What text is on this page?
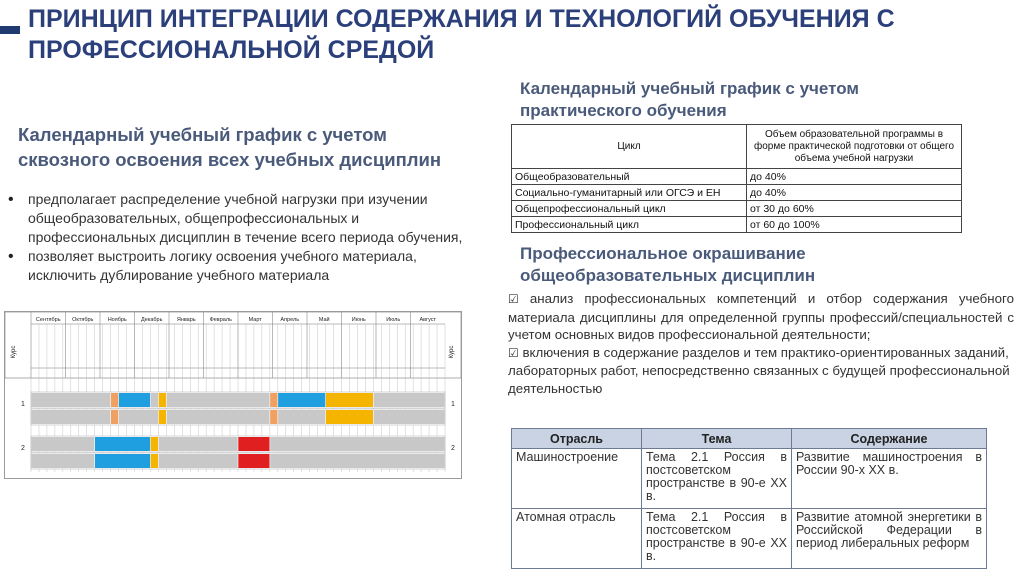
ПРИНЦИП ИНТЕГРАЦИИ СОДЕРЖАНИЯ И ТЕХНОЛОГИЙ ОБУЧЕНИЯ С ПРОФЕССИОНАЛЬНОЙ СРЕДОЙ
Календарный учебный график с учетом сквозного освоения всех учебных дисциплин
• предполагает распределение учебной нагрузки при изучении общеобразовательных, общепрофессиональных и профессиональных дисциплин в течение всего периода обучения,
• позволяет выстроить логику освоения учебного материала, исключить дублирование учебного материала
Сентябрь Октябрь	Ноябрь	Декабрь	Январь	Февраль	Март	Апрель	Май	Июнь	Июль	Август
Курс	Курс
1	1
2	2
Календарный учебный график с учетом практического обучения
Цикл	Объем образовательной программы в форме практической подготовки от общего объема учебной нагрузки
Общеобразовательный	до 40%
Социально-гуманитарный или ОГСЭ и ЕН	до 40%
Общепрофессиональный цикл	от 30 до 60%
Профессиональный цикл	от 60 до 100%
Профессиональное окрашивание общеобразовательных дисциплин

☑ анализ профессиональных компетенций и отбор содержания учебного материала дисциплины для определенной группы профессий/специальностей с учетом основных видов профессиональной деятельности;

☑ включения в содержание разделов и тем практико-ориентированных заданий, лабораторных работ, непосредственно связанных с будущей профессиональной деятельностью

Отрасль	Тема	Содержание
Машиностроение	Тема 2.1 Россия в постсоветском пространстве в 90-е ХХ в.	Развитие машиностроения в России 90-х ХХ в.
Атомная отрасль	Тема 2.1 Россия в постсоветском пространстве в 90-е ХХ в.	Развитие атомной энергетики в Российской Федерации в период либеральных реформ
